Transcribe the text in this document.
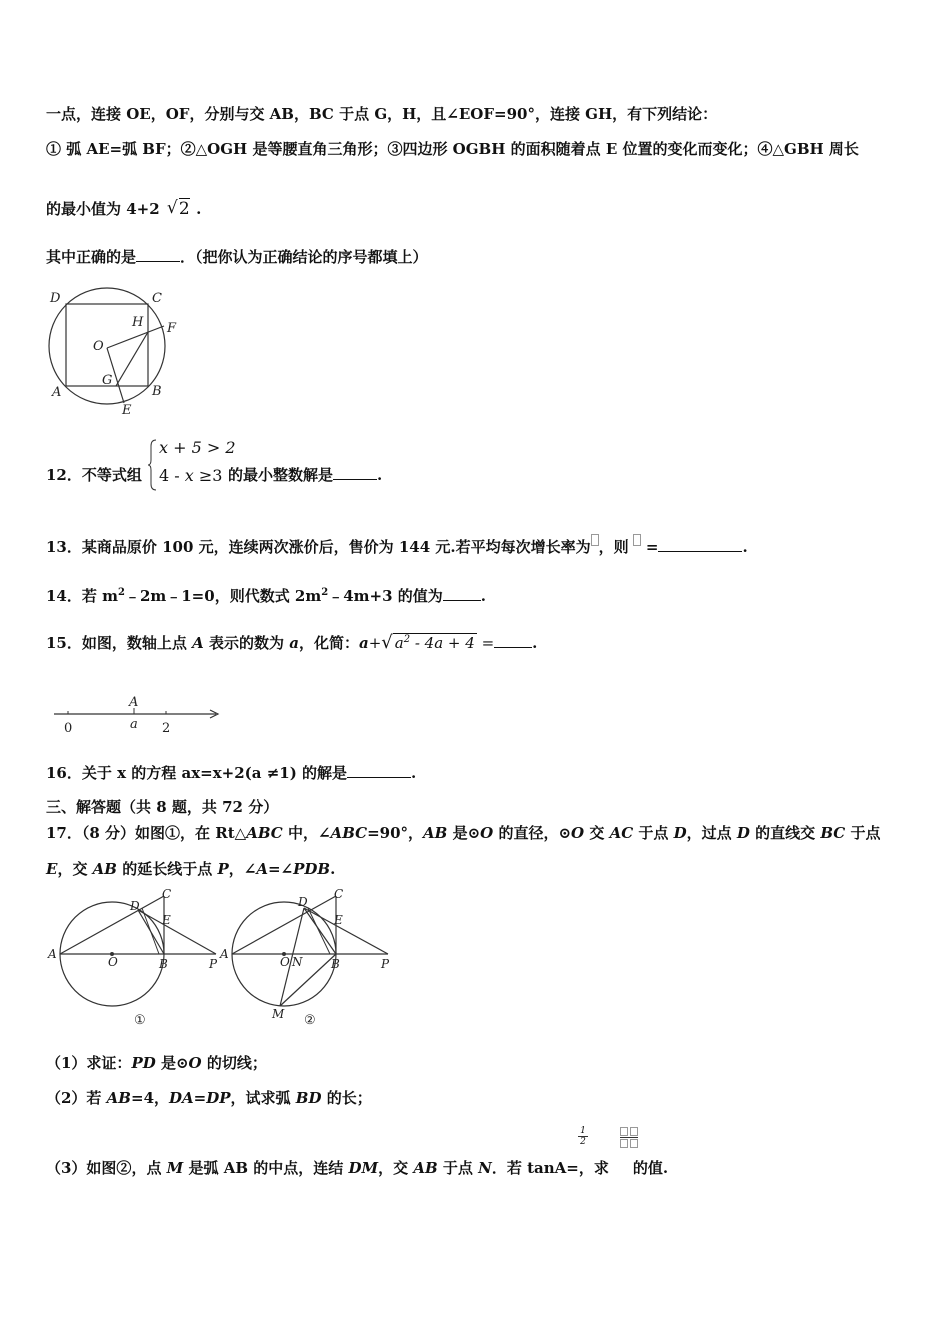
一点，连接 OE，OF，分别与交 AB，BC 于点 G，H，且∠EOF=90°，连接 GH，有下列结论：
① 弧 AE=弧 BF；②△OGH 是等腰直角三角形；③四边形 OGBH 的面积随着点 E 位置的变化而变化；④△GBH 周长
的最小值为 4+2 √ 2 .
其中正确的是	．（把你认为正确结论的序号都填上）
D	C
H F
O
G
A	B
E
12．不等式组
x + 5 > 2
4 - x ≥3 的最小整数解是	.
13．某商品原价 100 元，连续两次涨价后，售价为 144 元.若平均每次增长率为 ，则 =	.
14．若 $m^2﹣2m﹣1=0$，则代数式 $2m^2﹣4m+3$ 的值为	.
15．如图，数轴上点 A 表示的数为 a，化简：a+√ $a^2 - 4a + 4$ =	.
A
a
0	2
16．关于 x 的方程 ax=x+2(a ≠1) 的解是	.
三、解答题（共 8 题，共 72 分）
17．（8 分）如图①，在 Rt△ABC 中，∠ABC=90°，AB 是⊙O 的直径，⊙O 交 AC 于点 D，过点 D 的直线交 BC 于点
E，交 AB 的延长线于点 P，∠A=∠PDB.
A
O	B	P
D
C
E
①
A
O N B	P
D
C
E
M ②
（1）求证：PD 是⊙O 的切线；
（2）若 AB=4，DA=DP，试求弧 BD 的长；
1
2
（3）如图②，点 M 是弧 AB 的中点，连结 DM，交 AB 于点 N．若 tanA=，求 的值.
